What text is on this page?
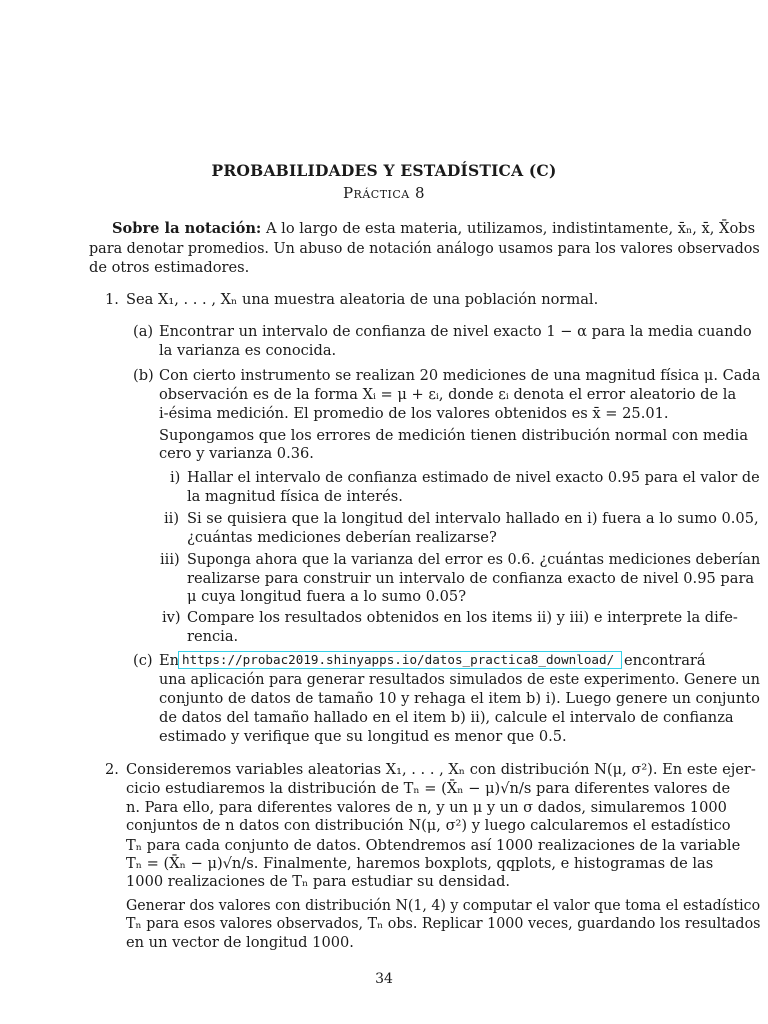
PROBABILIDADES Y ESTADÍSTICA (C)
Práctica 8
Sobre la notación: A lo largo de esta materia, utilizamos, indistintamente, x̄ₙ, x̄, X̄obs
para denotar promedios. Un abuso de notación análogo usamos para los valores observados
de otros estimadores.
1. Sea X₁, . . . , Xₙ una muestra aleatoria de una población normal.
(a) Encontrar un intervalo de confianza de nivel exacto 1 − α para la media cuando
la varianza es conocida.
(b) Con cierto instrumento se realizan 20 mediciones de una magnitud física μ. Cada
observación es de la forma Xᵢ = μ + εᵢ, donde εᵢ denota el error aleatorio de la
i-ésima medición. El promedio de los valores obtenidos es x̄ = 25.01.
Supongamos que los errores de medición tienen distribución normal con media
cero y varianza 0.36.
i) Hallar el intervalo de confianza estimado de nivel exacto 0.95 para el valor de
la magnitud física de interés.
ii) Si se quisiera que la longitud del intervalo hallado en i) fuera a lo sumo 0.05,
¿cuántas mediciones deberían realizarse?
iii) Suponga ahora que la varianza del error es 0.6. ¿cuántas mediciones deberían
realizarse para construir un intervalo de confianza exacto de nivel 0.95 para
μ cuya longitud fuera a lo sumo 0.05?
iv) Compare los resultados obtenidos en los items ii) y iii) e interprete la dife-
rencia.
(c) En https://probac2019.shinyapps.io/datos_practica8_download/ encontrará
una aplicación para generar resultados simulados de este experimento. Genere un
conjunto de datos de tamaño 10 y rehaga el item b) i). Luego genere un conjunto
de datos del tamaño hallado en el item b) ii), calcule el intervalo de confianza
estimado y verifique que su longitud es menor que 0.5.
2. Consideremos variables aleatorias X₁, . . . , Xₙ con distribución N(μ, σ²). En este ejer-
cicio estudiaremos la distribución de Tₙ = (X̄ₙ − μ)√n/s para diferentes valores de
n. Para ello, para diferentes valores de n, y un μ y un σ dados, simularemos 1000
conjuntos de n datos con distribución N(μ, σ²) y luego calcularemos el estadístico
Tₙ para cada conjunto de datos. Obtendremos así 1000 realizaciones de la variable
Tₙ = (X̄ₙ − μ)√n/s. Finalmente, haremos boxplots, qqplots, e histogramas de las
1000 realizaciones de Tₙ para estudiar su densidad.
Generar dos valores con distribución N(1, 4) y computar el valor que toma el estadístico
Tₙ para esos valores observados, Tₙ obs. Replicar 1000 veces, guardando los resultados
en un vector de longitud 1000.
34
